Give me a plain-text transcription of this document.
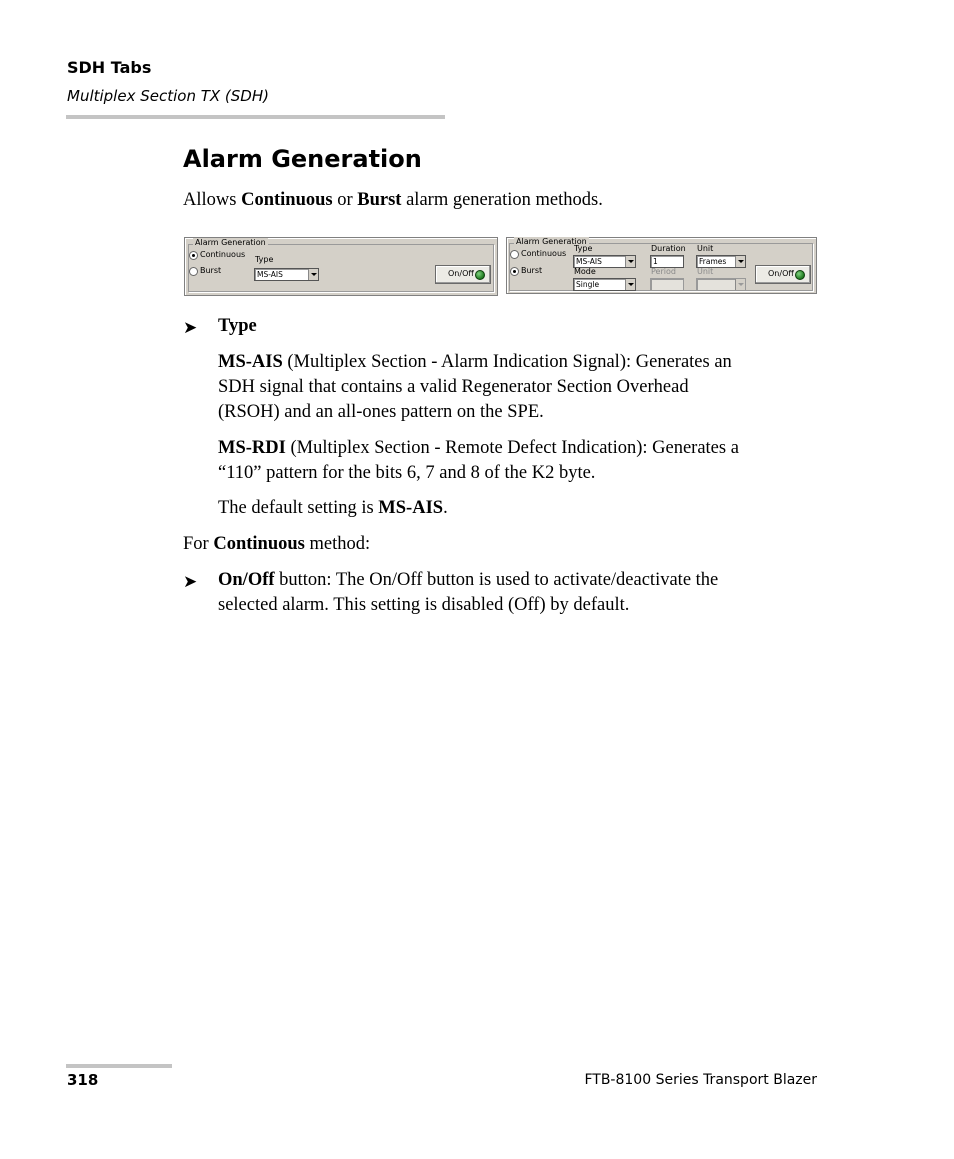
SDH Tabs
Multiplex Section TX (SDH)
Alarm Generation

Allows Continuous or Burst alarm generation methods.

Alarm Generation
Continuous
Burst
Type
MS-AIS	On/Off
Alarm Generation
Continuous
Burst
Type
MS-AIS
Mode
Single
Duration
1
Period
Unit
Frames
Unit	On/Off
➤ Type

MS-AIS (Multiplex Section - Alarm Indication Signal): Generates an
SDH signal that contains a valid Regenerator Section Overhead
(RSOH) and an all-ones pattern on the SPE.

MS-RDI (Multiplex Section - Remote Defect Indication): Generates a
“110” pattern for the bits 6, 7 and 8 of the K2 byte.

The default setting is MS-AIS.

For Continuous method:

➤ On/Off button: The On/Off button is used to activate/deactivate the
selected alarm. This setting is disabled (Off) by default.

318	FTB-8100 Series Transport Blazer
